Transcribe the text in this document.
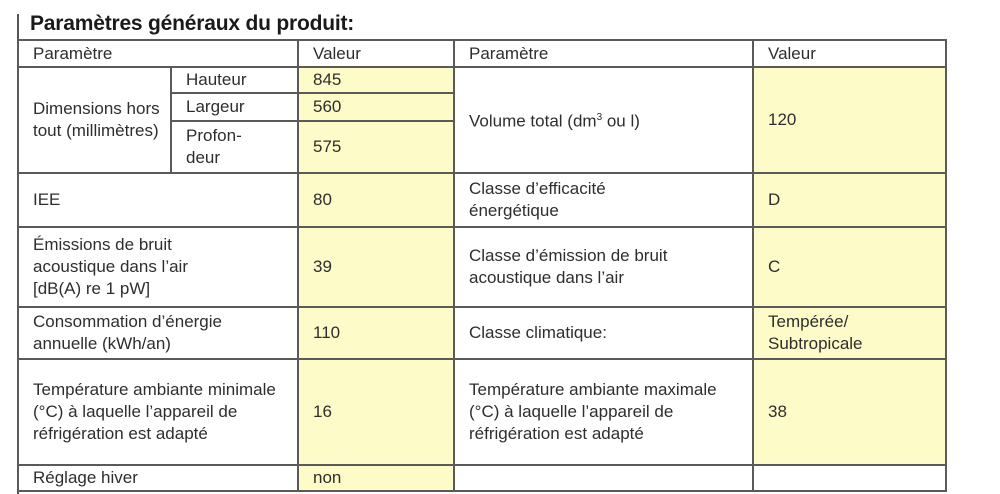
Paramètres généraux du produit:
Paramètre		Valeur	Paramètre	Valeur
Dimensions hors tout (millimètres)	Hauteur	845	Volume total ($dm^3$ ou l)	120
	Largeur	560		
	Profon-deur	575		
IEE		80	Classe d’efficacité énergétique	D
Émissions de bruit acoustique dans l’air [dB(A) re 1 pW]		39	Classe d’émission de bruit acoustique dans l’air	C
Consommation d’énergie annuelle (kWh/an)		110	Classe climatique:	Tempérée/ Subtropicale
Température ambiante minimale (°C) à laquelle l’appareil de réfrigération est adapté		16	Température ambiante maximale (°C) à laquelle l’appareil de réfrigération est adapté	38
Réglage hiver		non		
